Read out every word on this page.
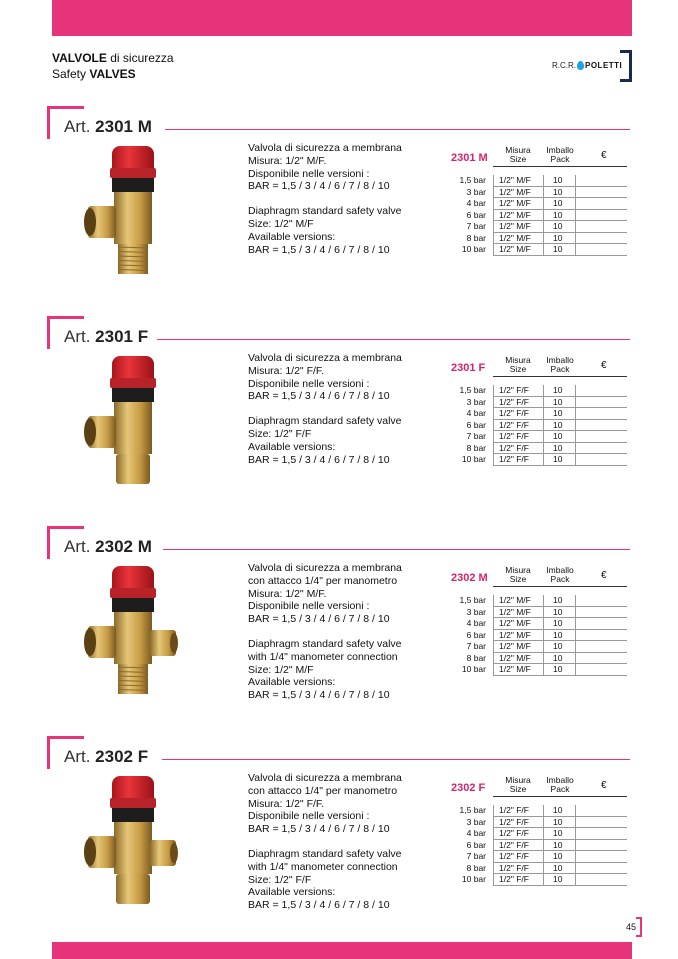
VALVOLE di sicurezza
Safety VALVES
R.C.R. POLETTI
Art. 2301 M
Valvola di sicurezza a membrana
Misura: 1/2" M/F.
Disponibile nelle versioni :
BAR = 1,5 / 3 / 4 / 6 / 7 / 8 / 10
Diaphragm standard safety valve
Size: 1/2" M/F
Available versions:
BAR = 1,5 / 3 / 4 / 6 / 7 / 8 / 10
2301 M
Misura
Size
Imballo
Pack	€
1,5 bar 1/2" M/F	10
3 bar 1/2" M/F	10
4 bar 1/2" M/F	10
6 bar 1/2" M/F	10
7 bar 1/2" M/F	10
8 bar 1/2" M/F	10
10 bar 1/2" M/F	10
Art. 2301 F
Valvola di sicurezza a membrana
Misura: 1/2" F/F.
Disponibile nelle versioni :
BAR = 1,5 / 3 / 4 / 6 / 7 / 8 / 10
Diaphragm standard safety valve
Size: 1/2" F/F
Available versions:
BAR = 1,5 / 3 / 4 / 6 / 7 / 8 / 10
2301 F
Misura
Size
Imballo
Pack	€
1,5 bar 1/2" F/F	10
3 bar 1/2" F/F	10
4 bar 1/2" F/F	10
6 bar 1/2" F/F	10
7 bar 1/2" F/F	10
8 bar 1/2" F/F	10
10 bar 1/2" F/F	10
Art. 2302 M
Valvola di sicurezza a membrana
con attacco 1/4" per manometro
Misura: 1/2" M/F.
Disponibile nelle versioni :
BAR = 1,5 / 3 / 4 / 6 / 7 / 8 / 10
Diaphragm standard safety valve
with 1/4" manometer connection
Size: 1/2" M/F
Available versions:
BAR = 1,5 / 3 / 4 / 6 / 7 / 8 / 10
2302 M
Misura
Size
Imballo
Pack	€
1,5 bar 1/2" M/F	10
3 bar 1/2" M/F	10
4 bar 1/2" M/F	10
6 bar 1/2" M/F	10
7 bar 1/2" M/F	10
8 bar 1/2" M/F	10
10 bar 1/2" M/F	10
Art. 2302 F
Valvola di sicurezza a membrana
con attacco 1/4" per manometro
Misura: 1/2" F/F.
Disponibile nelle versioni :
BAR = 1,5 / 3 / 4 / 6 / 7 / 8 / 10
Diaphragm standard safety valve
with 1/4" manometer connection
Size: 1/2" F/F
Available versions:
BAR = 1,5 / 3 / 4 / 6 / 7 / 8 / 10
2302 F
Misura
Size
Imballo
Pack	€
1,5 bar 1/2" F/F	10
3 bar 1/2" F/F	10
4 bar 1/2" F/F	10
6 bar 1/2" F/F	10
7 bar 1/2" F/F	10
8 bar 1/2" F/F	10
10 bar 1/2" F/F	10
45
